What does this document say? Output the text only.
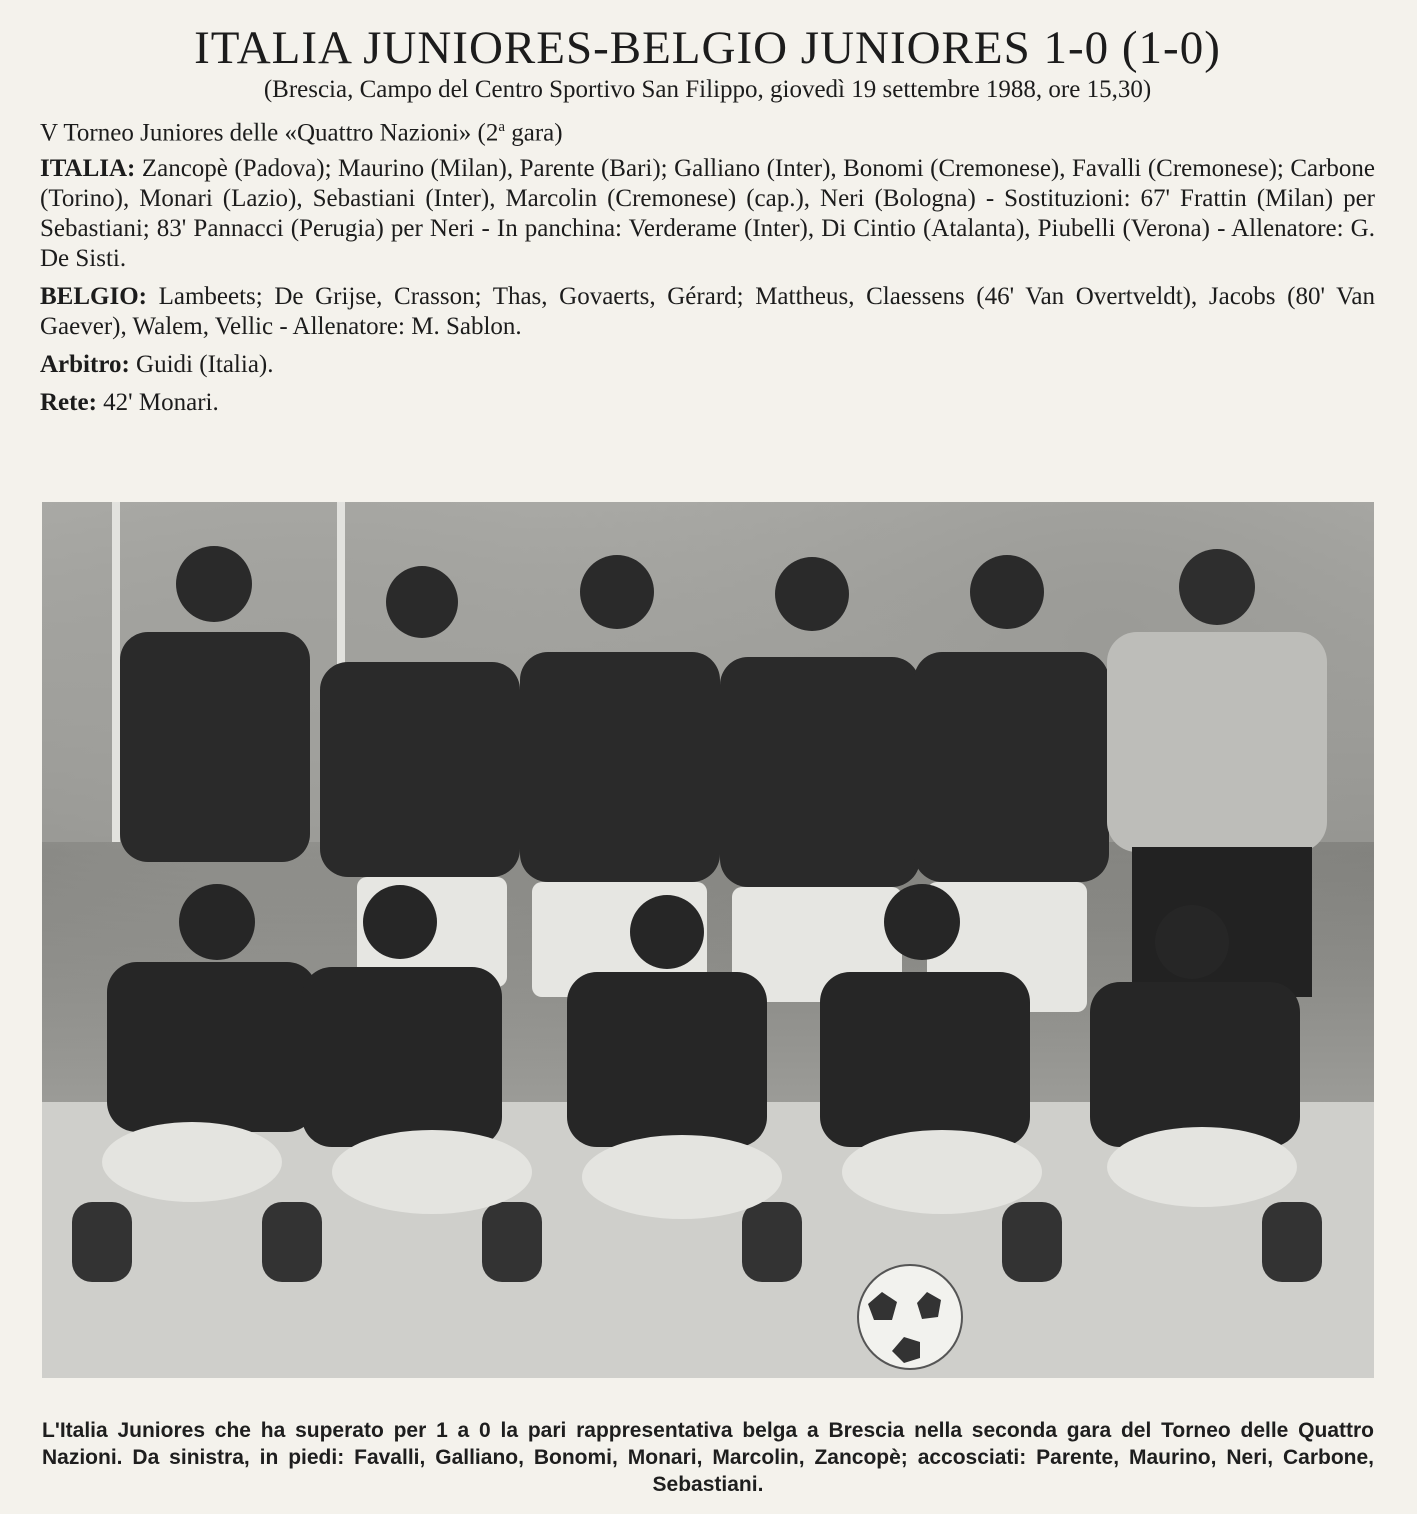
ITALIA JUNIORES-BELGIO JUNIORES 1-0 (1-0)

(Brescia, Campo del Centro Sportivo San Filippo, giovedì 19 settembre 1988, ore 15,30)

V Torneo Juniores delle «Quattro Nazioni» (2$^a$ gara)

ITALIA: Zancopè (Padova); Maurino (Milan), Parente (Bari); Galliano (Inter), Bonomi (Cremonese), Favalli (Cremonese); Carbone (Torino), Monari (Lazio), Sebastiani (Inter), Marcolin (Cremonese) (cap.), Neri (Bologna) - Sostituzioni: 67' Frattin (Milan) per Sebastiani; 83' Pannacci (Perugia) per Neri - In panchina: Verderame (Inter), Di Cintio (Atalanta), Piubelli (Verona) - Allenatore: G. De Sisti.

BELGIO: Lambeets; De Grijse, Crasson; Thas, Govaerts, Gérard; Mattheus, Claessens (46' Van Overtveldt), Jacobs (80' Van Gaever), Walem, Vellic - Allenatore: M. Sablon.

Arbitro: Guidi (Italia).

Rete: 42' Monari.

L'Italia Juniores che ha superato per 1 a 0 la pari rappresentativa belga a Brescia nella seconda gara del Torneo delle Quattro Nazioni. Da sinistra, in piedi: Favalli, Galliano, Bonomi, Monari, Marcolin, Zancopè; accosciati: Parente, Maurino, Neri, Carbone, Sebastiani.
